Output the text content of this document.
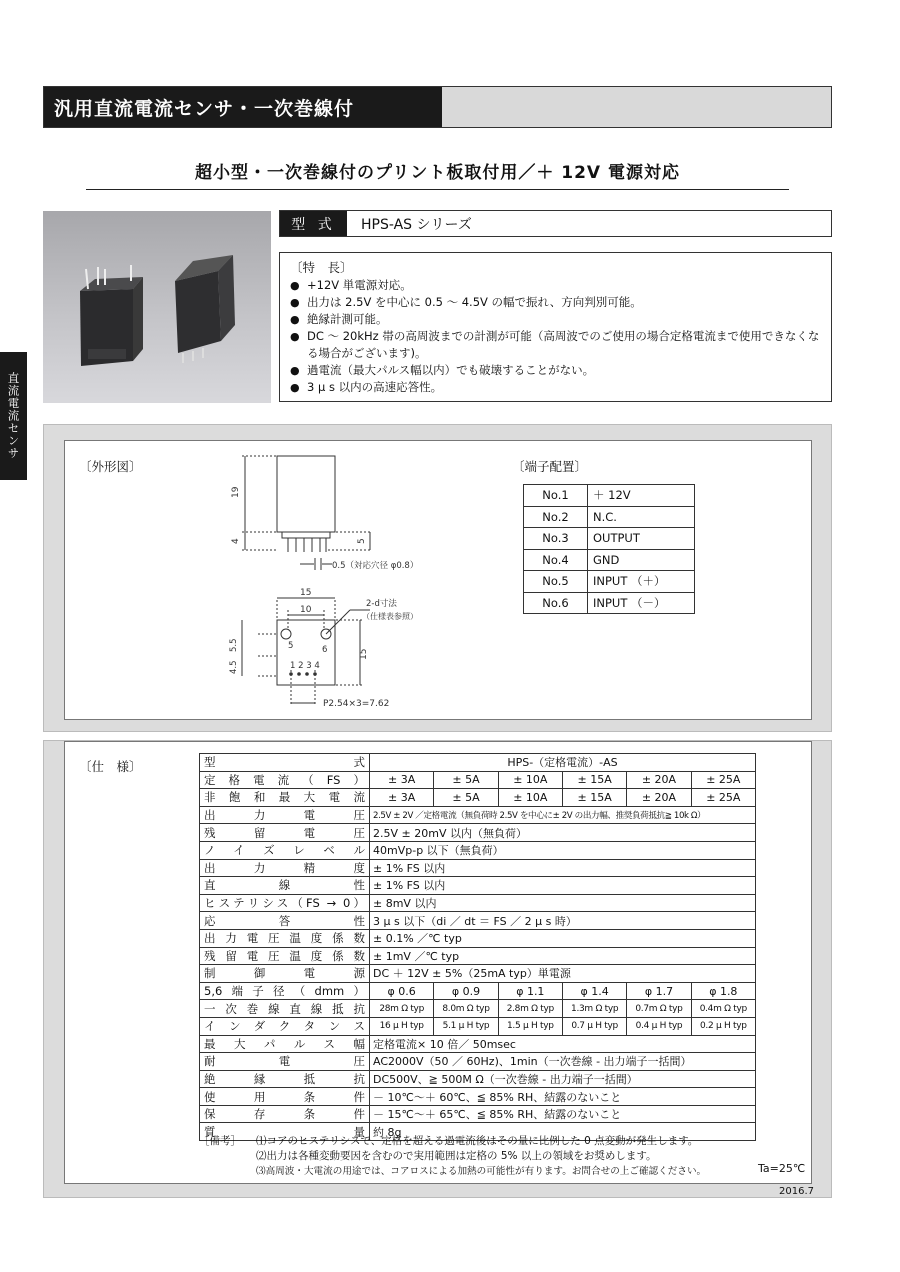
汎用直流電流センサ・一次巻線付
超小型・一次巻線付のプリント板取付用／＋ 12V 電源対応
直流電流センサ
型 式	HPS-AS シリーズ
〔特　長〕
● +12V 単電源対応。
● 出力は 2.5V を中心に 0.5 ～ 4.5V の幅で振れ、方向判別可能。
● 絶縁計測可能。
● DC ～ 20kHz 帯の高周波までの計測が可能（高周波でのご使用の場合定格電流まで使用できなくなる場合がございます)。
● 過電流（最大パルス幅以内）でも破壊することがない。
● 3 μ s 以内の高速応答性。
〔外形図〕	〔端子配置〕
19
4	5
0.5（対応穴径 φ0.8）
15
10
2-d寸法
（仕様表参照）
5.5
4.5
15
5	6
1 2 3 4
P2.54×3=7.62
No.1	＋ 12V
No.2	N.C.
No.3	OUTPUT
No.4	GND
No.5	INPUT （＋）
No.6	INPUT （－）
〔仕　様〕	型式	HPS-（定格電流）-AS					
定格電流（FS）	± 3A	± 5A	± 10A	± 15A	± 20A	± 25A
非飽和最大電流	± 3A	± 5A	± 10A	± 15A	± 20A	± 25A
出力電圧	2.5V ± 2V ／定格電流（無負荷時 2.5V を中心に± 2V の出力幅、推奨負荷抵抗≧ 10k Ω）					
残留電圧	2.5V ± 20mV 以内（無負荷）					
ノイズレベル	40mVp-p 以下（無負荷）					
出力精度	± 1% FS 以内					
直線性	± 1% FS 以内					
ヒステリシス（FS → 0）	± 8mV 以内					
応答性	3 μ s 以下（di ／ dt ＝ FS ／ 2 μ s 時）					
出力電圧温度係数	± 0.1% ／℃ typ					
残留電圧温度係数	± 1mV ／℃ typ					
制御電源	DC ＋ 12V ± 5%（25mA typ）単電源					
5,6端子径（dmm）	φ 0.6	φ 0.9	φ 1.1	φ 1.4	φ 1.7	φ 1.8
一次巻線直線抵抗	28m Ω typ	8.0m Ω typ	2.8m Ω typ	1.3m Ω typ	0.7m Ω typ	0.4m Ω typ
インダクタンス	16 μ H typ	5.1 μ H typ	1.5 μ H typ	0.7 μ H typ	0.4 μ H typ	0.2 μ H typ
最大パルス幅	定格電流× 10 倍／ 50msec					
耐電圧	AC2000V（50 ／ 60Hz)、1min（一次巻線 - 出力端子一括間）					
絶縁抵抗	DC500V、≧ 500M Ω（一次巻線 - 出力端子一括間）					
使用条件	－ 10℃～＋ 60℃、≦ 85% RH、結露のないこと					
保存条件	－ 15℃～＋ 65℃、≦ 85% RH、結露のないこと					
質量	約 8g					
［備考］	⑴コアのヒステリシスで、定格を超える過電流後はその量に比例した 0 点変動が発生します。
⑵出力は各種変動要因を含むので実用範囲は定格の 5% 以上の領域をお奨めします。
⑶高周波・大電流の用途では、コアロスによる加熱の可能性が有ります。お問合せの上ご確認ください。	Ta=25℃
2016.7
